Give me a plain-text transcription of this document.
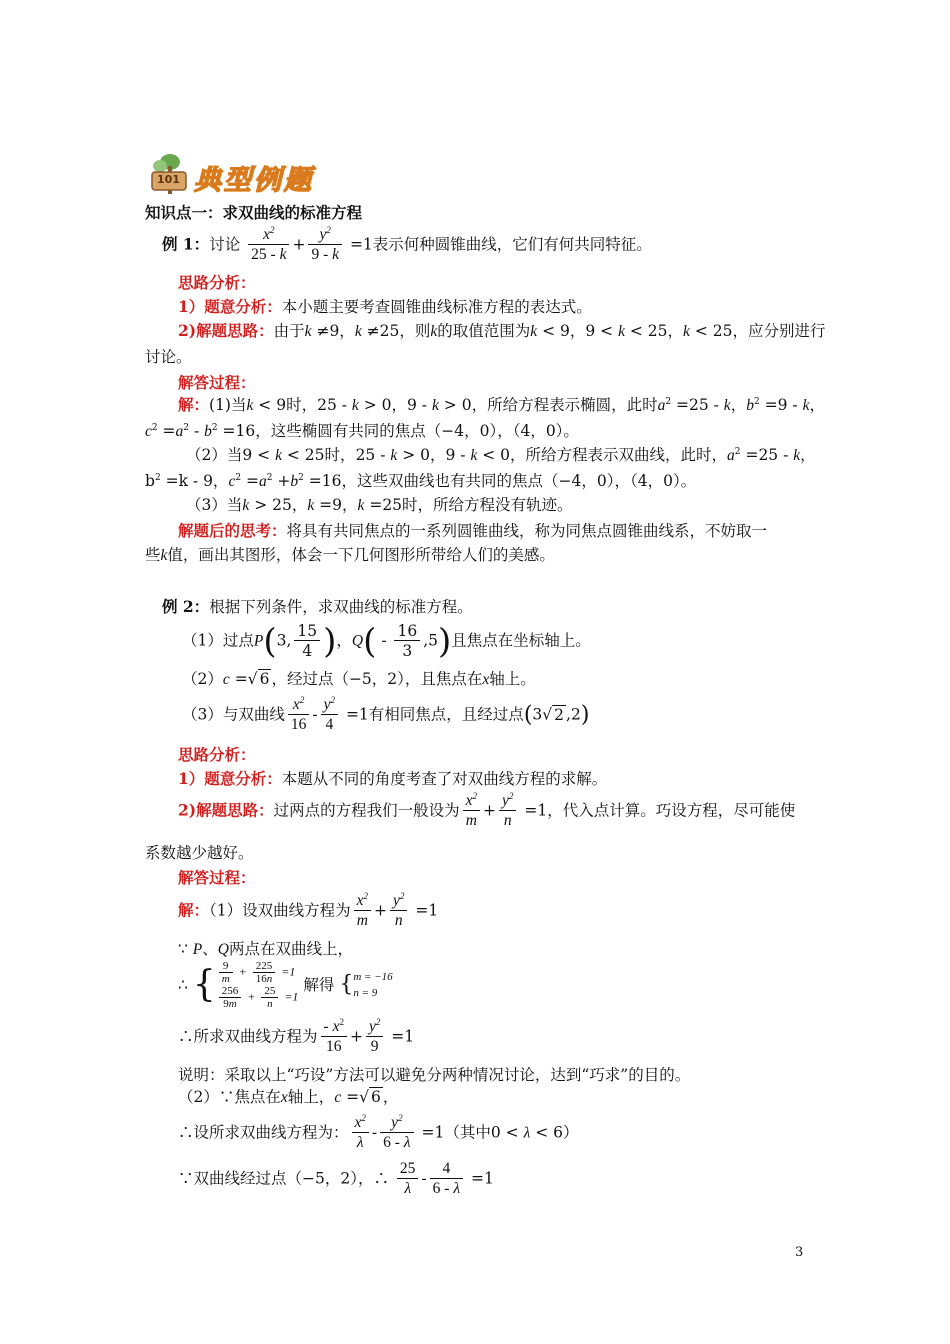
101 典型例题
知识点一：求双曲线的标准方程
例 1：讨论 $\frac{x^2}{25 - k} + \frac{y^2}{9 - k} =1$表示何种圆锥曲线，它们有何共同特征。
思路分析：
1）题意分析：本小题主要考查圆锥曲线标准方程的表达式。
2)解题思路：由于k ≠9，k ≠25，则k的取值范围为k < 9，9 < k < 25，k < 25，应分别进行
讨论。
解答过程：
解：(1)当k < 9时，25 - k > 0，9 - k > 0，所给方程表示椭圆，此时$a^2 =25 - k$，$b^2 =9 - k$，
$c^2 =a^2 - b^2 =16$，这些椭圆有共同的焦点（−4，0），（4，0）。
（2）当9 < k < 25时，25 - k > 0，9 - k < 0，所给方程表示双曲线，此时，$a^2 =25 - k$，
$b^2 =k - 9$，$c^2 =a^2 +b^2 =16$，这些双曲线也有共同的焦点（−4，0），（4，0）。
（3）当k > 25，k =9，k =25时，所给方程没有轨迹。
解题后的思考：将具有共同焦点的一系列圆锥曲线，称为同焦点圆锥曲线系，不妨取一
些k值，画出其图形，体会一下几何图形所带给人们的美感。
例 2：根据下列条件，求双曲线的标准方程。
（1）过点P(3, $\frac{15}{4}$ )，$Q( - \frac{16}{3} ,5)$且焦点在坐标轴上。
（2）c =√ 6 ，经过点（−5，2），且焦点在x轴上。
（3）与双曲线 $\frac{x^2}{16} - \frac{y^2}{4} =1$有相同焦点，且经过点(3√ 2 ,2)
思路分析：
1）题意分析：本题从不同的角度考查了对双曲线方程的求解。
2)解题思路：过两点的方程我们一般设为 $\frac{x^2}{m} + \frac{y^2}{n} =1$，代入点计算。巧设方程，尽可能使
系数越少越好。
解答过程：
解：（1）设双曲线方程为 $\frac{x^2}{m} + \frac{y^2}{n} =1$
∵ P、Q两点在双曲线上，
∴ { $\frac{9}{m} + \frac{225}{16n} =1$
$\frac{256}{9m} + \frac{25}{n} =1$
解得 { m = −16
n = 9
∴所求双曲线方程为 $\frac{- x^2}{16} + \frac{y^2}{9} =1$
说明：采取以上“巧设”方法可以避免分两种情况讨论，达到“巧求”的目的。
（2）∵焦点在x轴上，c =√ 6 ，
∴设所求双曲线方程为： $\frac{x^2}{\lambda} - \frac{y^2}{6 - \lambda} =1$（其中0 < λ < 6）
∵双曲线经过点（−5，2），∴ $\frac{25}{\lambda} - \frac{4}{6 - \lambda} =1$
3
